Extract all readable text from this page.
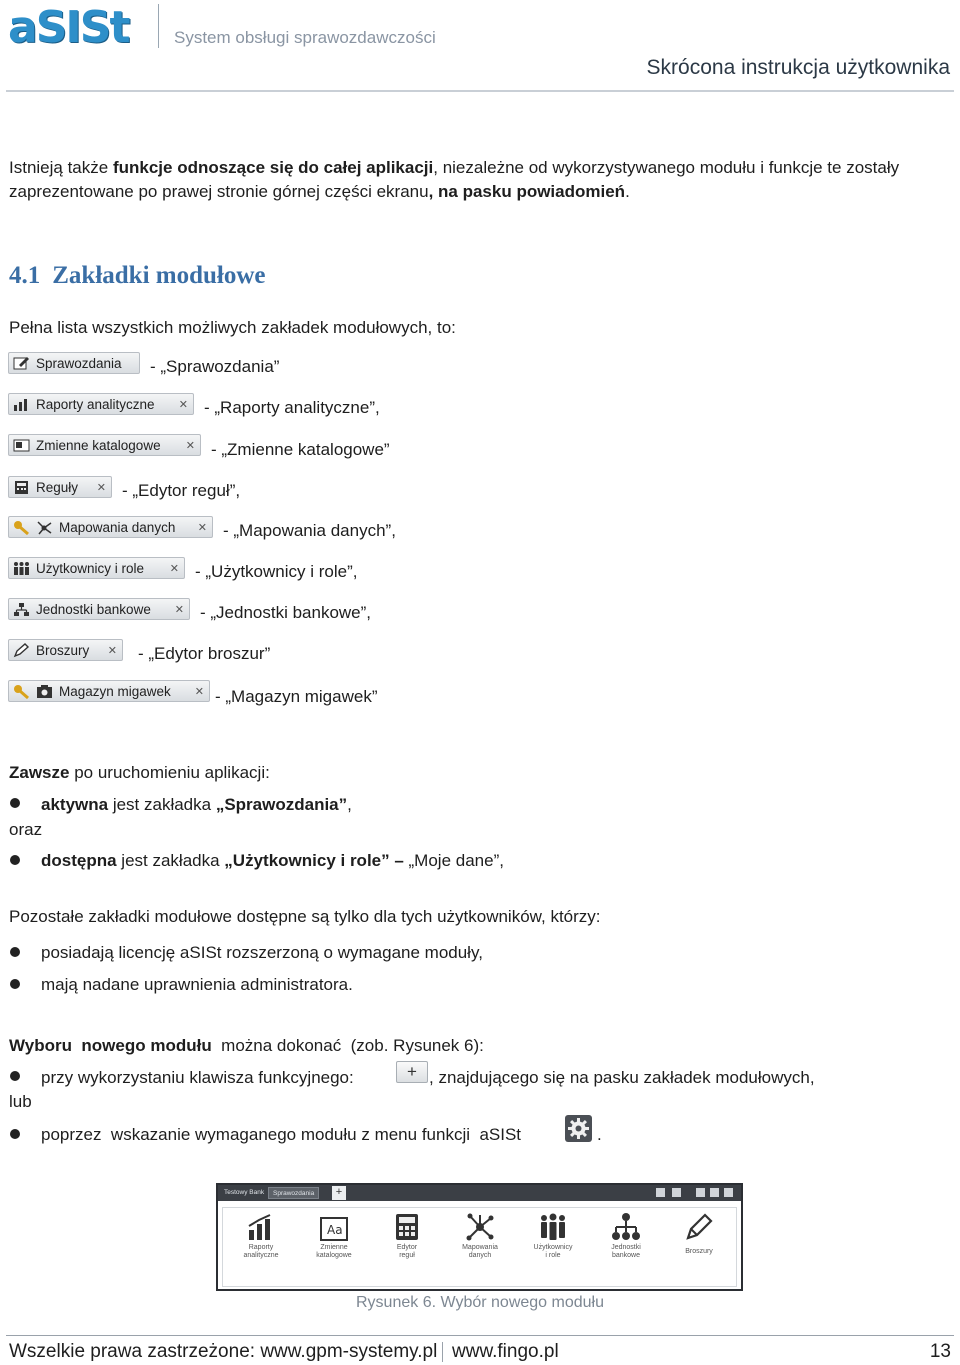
aSISt	System obsługi sprawozdawczości
Skrócona instrukcja użytkownika
Istnieją także funkcje odnoszące się do całej aplikacji, niezależne od wykorzystywanego modułu i funkcje te zostały
zaprezentowane po prawej stronie górnej części ekranu, na pasku powiadomień.
4.1 Zakładki modułowe
Pełna lista wszystkich możliwych zakładek modułowych, to:
Sprawozdania - „Sprawozdania”
Raporty analityczne ✕ - „Raporty analityczne”,
Zmienne katalogowe ✕ - „Zmienne katalogowe”
Reguły ✕ - „Edytor reguł”,
Mapowania danych ✕ - „Mapowania danych”,
Użytkownicy i role ✕ - „Użytkownicy i role”,
Jednostki bankowe ✕ - „Jednostki bankowe”,
Broszury ✕ - „Edytor broszur”
Magazyn migawek ✕ - „Magazyn migawek”
Zawsze po uruchomieniu aplikacji:
aktywna jest zakładka „Sprawozdania”,
oraz
dostępna jest zakładka „Użytkownicy i role” – „Moje dane”,
Pozostałe zakładki modułowe dostępne są tylko dla tych użytkowników, którzy:
posiadają licencję aSISt rozszerzoną o wymagane moduły,
mają nadane uprawnienia administratora.
Wyboru  nowego modułu  można dokonać  (zob. Rysunek 6):
przy wykorzystaniu klawisza funkcyjnego:	+ , znajdującego się na pasku zakładek modułowych,
lub
poprzez  wskazanie wymaganego modułu z menu funkcji  aSISt	.
Testowy Bank	Sprawozdania	+
Raporty
analityczne
Aa
Zmienne
katalogowe
Edytor
reguł
Mapowania
danych
Użytkownicy
i role
Jednostki
bankowe
Broszury
Rysunek 6. Wybór nowego modułu
Wszelkie prawa zastrzeżone: www.gpm-systemy.pl www.fingo.pl	13
